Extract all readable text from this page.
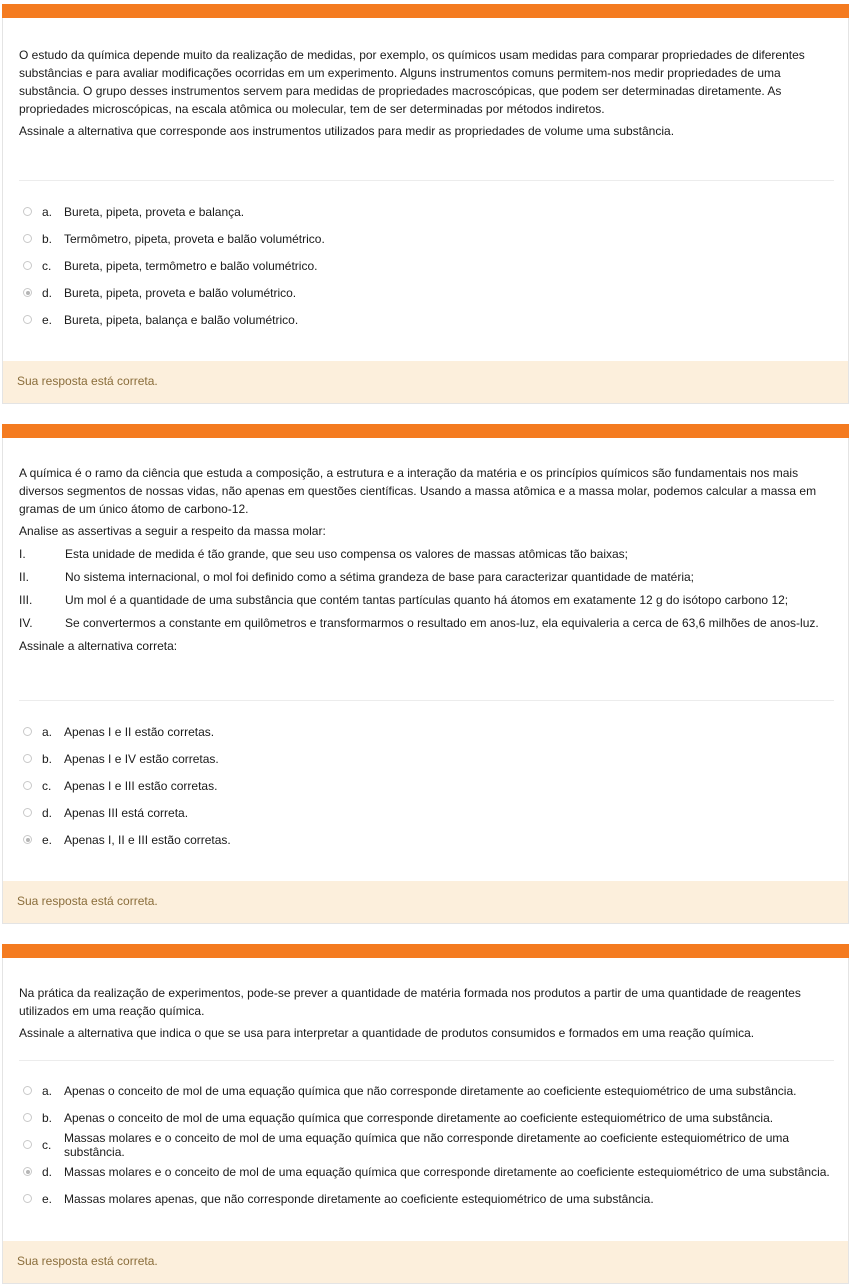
O estudo da química depende muito da realização de medidas, por exemplo, os químicos usam medidas para comparar propriedades de diferentes substâncias e para avaliar modificações ocorridas em um experimento. Alguns instrumentos comuns permitem-nos medir propriedades de uma substância. O grupo desses instrumentos servem para medidas de propriedades macroscópicas, que podem ser determinadas diretamente. As propriedades microscópicas, na escala atômica ou molecular, tem de ser determinadas por métodos indiretos.

Assinale a alternativa que corresponde aos instrumentos utilizados para medir as propriedades de volume uma substância.

a. Bureta, pipeta, proveta e balança.
b. Termômetro, pipeta, proveta e balão volumétrico.
c.	Bureta, pipeta, termômetro e balão volumétrico.
d. Bureta, pipeta, proveta e balão volumétrico.
e. Bureta, pipeta, balança e balão volumétrico.
Sua resposta está correta.

A química é o ramo da ciência que estuda a composição, a estrutura e a interação da matéria e os princípios químicos são fundamentais nos mais diversos segmentos de nossas vidas, não apenas em questões científicas. Usando a massa atômica e a massa molar, podemos calcular a massa em gramas de um único átomo de carbono-12.

Analise as assertivas a seguir a respeito da massa molar:

I.	Esta unidade de medida é tão grande, que seu uso compensa os valores de massas atômicas tão baixas;
II.	No sistema internacional, o mol foi definido como a sétima grandeza de base para caracterizar quantidade de matéria;
III.	Um mol é a quantidade de uma substância que contém tantas partículas quanto há átomos em exatamente 12 g do isótopo carbono 12;
IV.	Se convertermos a constante em quilômetros e transformarmos o resultado em anos-luz, ela equivaleria a cerca de 63,6 milhões de anos-luz.

Assinale a alternativa correta:

a. Apenas I e II estão corretas.
b. Apenas I e IV estão corretas.
c.	Apenas I e III estão corretas.
d. Apenas III está correta.
e. Apenas I, II e III estão corretas.
Sua resposta está correta.

Na prática da realização de experimentos, pode-se prever a quantidade de matéria formada nos produtos a partir de uma quantidade de reagentes utilizados em uma reação química.

Assinale a alternativa que indica o que se usa para interpretar a quantidade de produtos consumidos e formados em uma reação química.

a. Apenas o conceito de mol de uma equação química que não corresponde diretamente ao coeficiente estequiométrico de uma substância.
b. Apenas o conceito de mol de uma equação química que corresponde diretamente ao coeficiente estequiométrico de uma substância.
c.	Massas molares e o conceito de mol de uma equação química que não corresponde diretamente ao coeficiente estequiométrico de uma substância.
d. Massas molares e o conceito de mol de uma equação química que corresponde diretamente ao coeficiente estequiométrico de uma substância.
e. Massas molares apenas, que não corresponde diretamente ao coeficiente estequiométrico de uma substância.
Sua resposta está correta.
